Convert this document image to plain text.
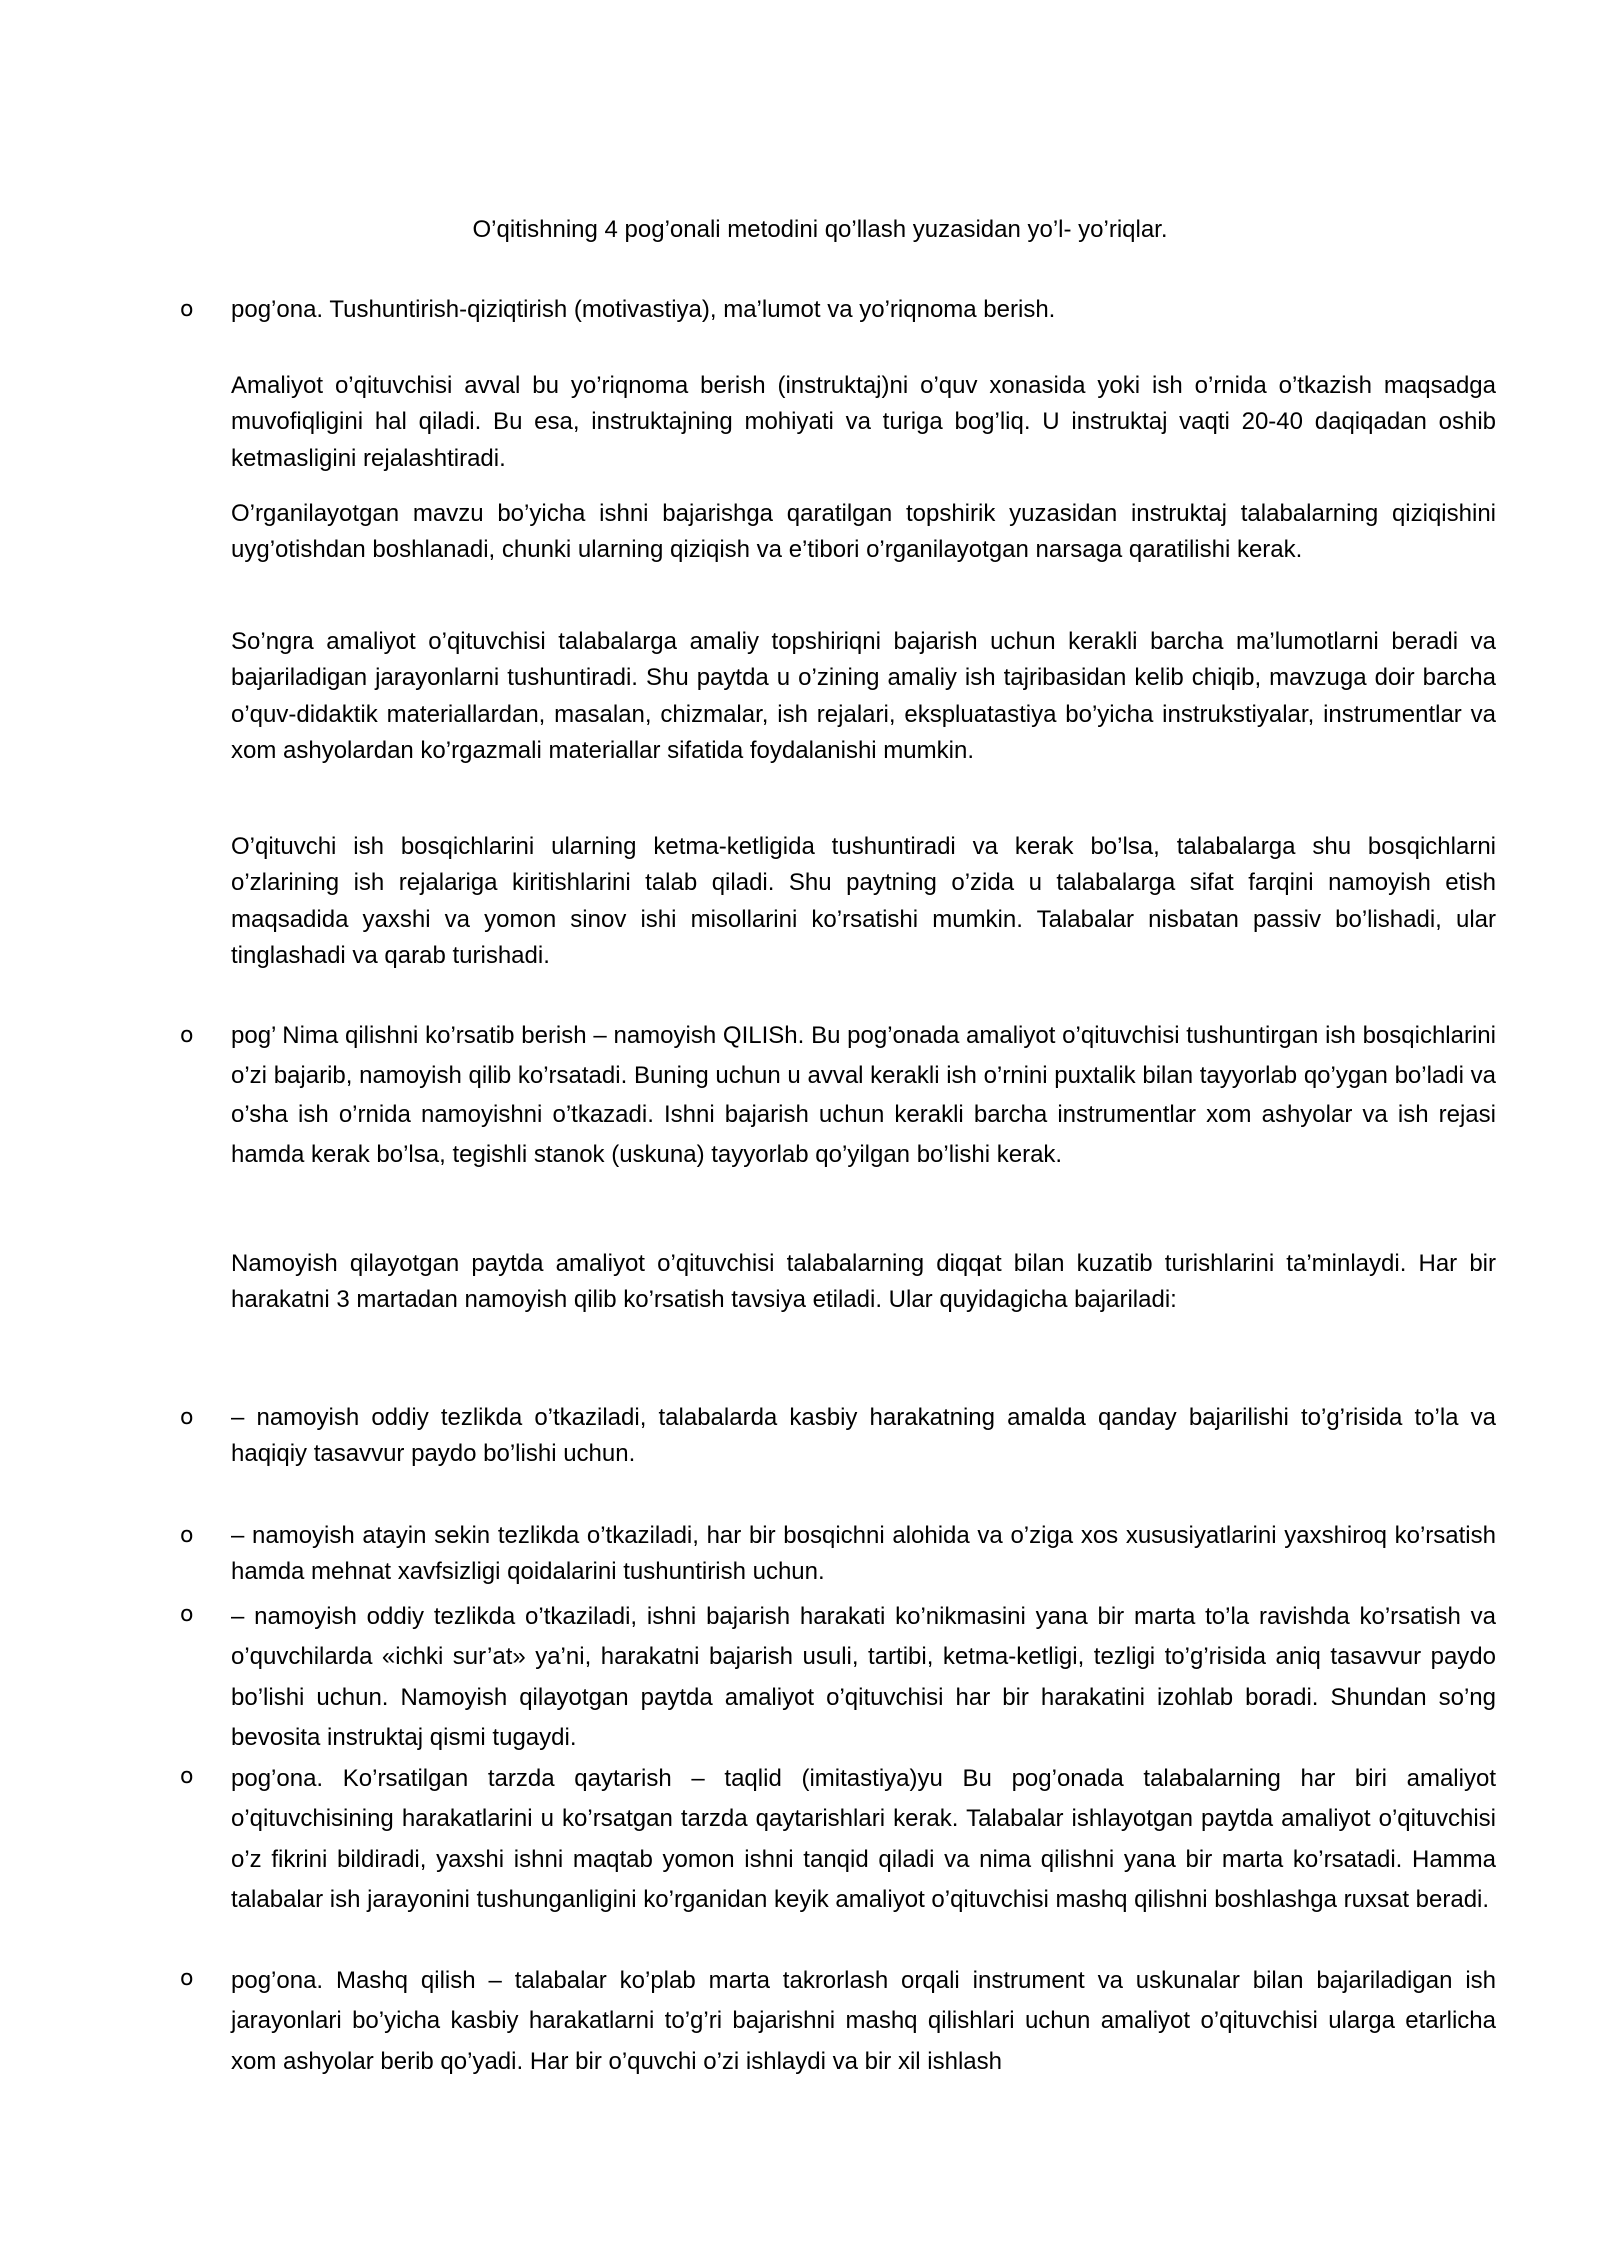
O’qitishning 4 pog’onali metodini qo’llash yuzasidan yo’l- yo’riqlar.
o pog’ona. Tushuntirish-qiziqtirish (motivastiya), ma’lumot va yo’riqnoma berish.

Amaliyot o’qituvchisi avval bu yo’riqnoma berish (instruktaj)ni o’quv xonasida yoki ish o’rnida o’tkazish maqsadga muvofiqligini hal qiladi. Bu esa, instruktajning mohiyati va turiga bog’liq. U instruktaj vaqti 20-40 daqiqadan oshib ketmasligini rejalashtiradi.

O’rganilayotgan mavzu bo’yicha ishni bajarishga qaratilgan topshirik yuzasidan instruktaj talabalarning qiziqishini uyg’otishdan boshlanadi, chunki ularning qiziqish va e’tibori o’rganilayotgan narsaga qaratilishi kerak.

So’ngra amaliyot o’qituvchisi talabalarga amaliy topshiriqni bajarish uchun kerakli barcha ma’lumotlarni beradi va bajariladigan jarayonlarni tushuntiradi. Shu paytda u o’zining amaliy ish tajribasidan kelib chiqib, mavzuga doir barcha o’quv-didaktik materiallardan, masalan, chizmalar, ish rejalari, ekspluatastiya bo’yicha instrukstiyalar, instrumentlar va xom ashyolardan ko’rgazmali materiallar sifatida foydalanishi mumkin.

O’qituvchi ish bosqichlarini ularning ketma-ketligida tushuntiradi va kerak bo’lsa, talabalarga shu bosqichlarni o’zlarining ish rejalariga kiritishlarini talab qiladi. Shu paytning o’zida u talabalarga sifat farqini namoyish etish maqsadida yaxshi va yomon sinov ishi misollarini ko’rsatishi mumkin. Talabalar nisbatan passiv bo’lishadi, ular tinglashadi va qarab turishadi.

o pog’ Nima qilishni ko’rsatib berish – namoyish QILISh. Bu pog’onada amaliyot o’qituvchisi tushuntirgan ish bosqichlarini o’zi bajarib, namoyish qilib ko’rsatadi. Buning uchun u avval kerakli ish o’rnini puxtalik bilan tayyorlab qo’ygan bo’ladi va o’sha ish o’rnida namoyishni o’tkazadi. Ishni bajarish uchun kerakli barcha instrumentlar xom ashyolar va ish rejasi hamda kerak bo’lsa, tegishli stanok (uskuna) tayyorlab qo’yilgan bo’lishi kerak.

Namoyish qilayotgan paytda amaliyot o’qituvchisi talabalarning diqqat bilan kuzatib turishlarini ta’minlaydi. Har bir harakatni 3 martadan namoyish qilib ko’rsatish tavsiya etiladi. Ular quyidagicha bajariladi:

o – namoyish oddiy tezlikda o’tkaziladi, talabalarda kasbiy harakatning amalda qanday bajarilishi to’g’risida to’la va haqiqiy tasavvur paydo bo’lishi uchun.

o – namoyish atayin sekin tezlikda o’tkaziladi, har bir bosqichni alohida va o’ziga xos xususiyatlarini yaxshiroq ko’rsatish hamda mehnat xavfsizligi qoidalarini tushuntirish uchun.

o – namoyish oddiy tezlikda o’tkaziladi, ishni bajarish harakati ko’nikmasini yana bir marta to’la ravishda ko’rsatish va o’quvchilarda «ichki sur’at» ya’ni, harakatni bajarish usuli, tartibi, ketma-ketligi, tezligi to’g’risida aniq tasavvur paydo bo’lishi uchun. Namoyish qilayotgan paytda amaliyot o’qituvchisi har bir harakatini izohlab boradi. Shundan so’ng bevosita instruktaj qismi tugaydi.

o pog’ona. Ko’rsatilgan tarzda qaytarish – taqlid (imitastiya)yu Bu pog’onada talabalarning har biri amaliyot o’qituvchisining harakatlarini u ko’rsatgan tarzda qaytarishlari kerak. Talabalar ishlayotgan paytda amaliyot o’qituvchisi o’z fikrini bildiradi, yaxshi ishni maqtab yomon ishni tanqid qiladi va nima qilishni yana bir marta ko’rsatadi. Hamma talabalar ish jarayonini tushunganligini ko’rganidan keyik amaliyot o’qituvchisi mashq qilishni boshlashga ruxsat beradi.

o pog’ona. Mashq qilish – talabalar ko’plab marta takrorlash orqali instrument va uskunalar bilan bajariladigan ish jarayonlari bo’yicha kasbiy harakatlarni to’g’ri bajarishni mashq qilishlari uchun amaliyot o’qituvchisi ularga etarlicha xom ashyolar berib qo’yadi. Har bir o’quvchi o’zi ishlaydi va bir xil ishlash
